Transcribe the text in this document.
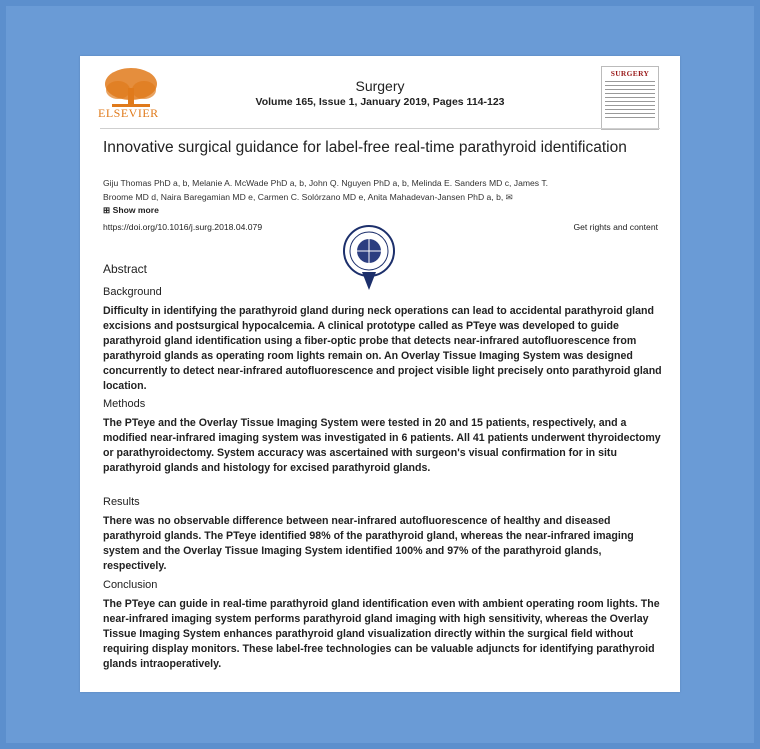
ELSEVIER
Surgery
Volume 165, Issue 1, January 2019, Pages 114-123
SURGERY
Innovative surgical guidance for label-free real-time parathyroid identification
Giju Thomas PhD a, b, Melanie A. McWade PhD a, b, John Q. Nguyen PhD a, b, Melinda E. Sanders MD c, James T.
Broome MD d, Naira Baregamian MD e, Carmen C. Solórzano MD e, Anita Mahadevan-Jansen PhD a, b, ✉
⊞ Show more
https://doi.org/10.1016/j.surg.2018.04.079	Get rights and content
Abstract
Background

Difficulty in identifying the parathyroid gland during neck operations can lead to accidental parathyroid gland excisions and postsurgical hypocalcemia. A clinical prototype called as PTeye was developed to guide parathyroid gland identification using a fiber-optic probe that detects near-infrared autofluorescence from parathyroid glands as operating room lights remain on. An Overlay Tissue Imaging System was designed concurrently to detect near-infrared autofluorescence and project visible light precisely onto parathyroid gland location.

Methods

The PTeye and the Overlay Tissue Imaging System were tested in 20 and 15 patients, respectively, and a modified near-infrared imaging system was investigated in 6 patients. All 41 patients underwent thyroidectomy or parathyroidectomy. System accuracy was ascertained with surgeon's visual confirmation for in situ parathyroid glands and histology for excised parathyroid glands.

Results

There was no observable difference between near-infrared autofluorescence of healthy and diseased parathyroid glands. The PTeye identified 98% of the parathyroid gland, whereas the near-infrared imaging system and the Overlay Tissue Imaging System identified 100% and 97% of the parathyroid glands, respectively.

Conclusion

The PTeye can guide in real-time parathyroid gland identification even with ambient operating room lights. The near-infrared imaging system performs parathyroid gland imaging with high sensitivity, whereas the Overlay Tissue Imaging System enhances parathyroid gland visualization directly within the surgical field without requiring display monitors. These label-free technologies can be valuable adjuncts for identifying parathyroid glands intraoperatively.
